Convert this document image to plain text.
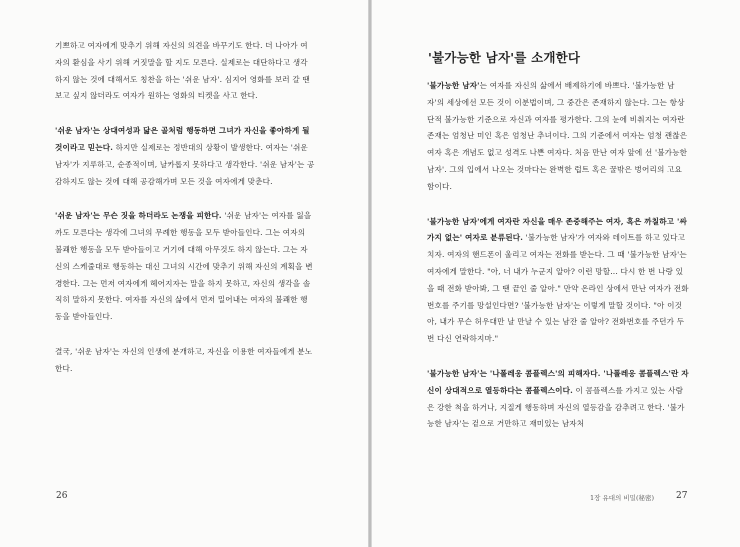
기쁘하고 여자에게 맞추기 위해 자신의 의견을 바꾸기도 한다. 더 나아가 여자의 환심을 사기 위해 거짓말을 할 지도 모른다. 실제로는 대단하다고 생각하지 않는 것에 대해서도 칭찬을 하는 '쉬운 남자'. 심지어 영화를 보러 갈 땐 보고 싶지 않더라도 여자가 원하는 영화의 티켓을 사고 한다.

'쉬운 남자'는 상대여성과 닮은 골처럼 행동하면 그녀가 자신을 좋아하게 될 것이라고 믿는다. 하지만 실제로는 정반대의 상황이 발생한다. 여자는 '쉬운 남자'가 지루하고, 순종적이며, 날카롭지 못하다고 생각한다. '쉬운 남자'는 공감하지도 않는 것에 대해 공감해가며 모든 것을 여자에게 맞춘다.

'쉬운 남자'는 무슨 짓을 하더라도 논쟁을 피한다. '쉬운 남자'는 여자를 잃을까도 모른다는 생각에 그녀의 무례한 행동을 모두 받아들인다. 그는 여자의 불쾌한 행동을 모두 받아들이고 거기에 대해 아무것도 하지 않는다. 그는 자신의 스케줄대로 행동하는 대신 그녀의 시간에 맞추기 위해 자신의 계획을 변경한다. 그는 먼저 여자에게 헤어지자는 말을 하지 못하고, 자신의 생각을 솔직히 말하지 못한다. 여자를 자신의 삶에서 먼저 밀어내는 여자의 불쾌한 행동을 받아들인다.

결국, '쉬운 남자'는 자신의 인생에 분개하고, 자신을 이용한 여자들에게 분노한다.

26
'불가능한 남자'를 소개한다

'불가능한 남자'는 여자를 자신의 삶에서 배제하기에 바쁘다. '불가능한 남자'의 세상에선 모든 것이 이분법이며, 그 중간은 존재하지 않는다. 그는 항상 단적 불가능한 기준으로 자신과 여자를 평가한다. 그의 눈에 비춰지는 여자란 존재는 엄청난 미인 혹은 엄청난 추녀이다. 그의 기준에서 여자는 엄청 괜찮은 여자 혹은 개념도 없고 성격도 나쁜 여자다. 처음 만난 여자 앞에 선 '불가능한 남자'. 그의 입에서 나오는 것마다는 완벽한 럽트 혹은 꿀밖은 벙어리의 고요함이다.

'불가능한 남자'에게 여자란 자신을 매우 존중해주는 여자, 혹은 까칠하고 '싸가지 없는' 여자로 분류된다. '불가능한 남자'가 여자와 데이트를 하고 있다고 치자. 여자의 핸드폰이 울리고 여자는 전화를 받는다. 그 때 '불가능한 남자'는 여자에게 말한다. "아, 너 내가 누군지 알아? 이런 망할... 다시 한 번 나랑 있을 때 전화 받아봐, 그 땐 끝인 줄 알아." 만약 온라인 상에서 만난 여자가 전화번호를 주기를 망설인다면? '불가능한 남자'는 이렇게 말할 것이다. "아 이것아, 내가 무슨 허우대만 날 만날 수 있는 남잔 줄 알아? 전화번호를 주던가 두 번 다신 연락하지마."

'불가능한 남자'는 '나폴레옹 콤플렉스'의 피해자다. '나폴레옹 콤플렉스'란 자신이 상대적으로 열등하다는 콤플렉스이다. 이 콤플렉스를 가지고 있는 사람은 강한 척을 하거나, 지질게 행동하며 자신의 열등감을 감추려고 한다. '불가능한 남자'는 겉으로 거만하고 재미있는 남자처

1장 유대의 비밀(秘密) 27
